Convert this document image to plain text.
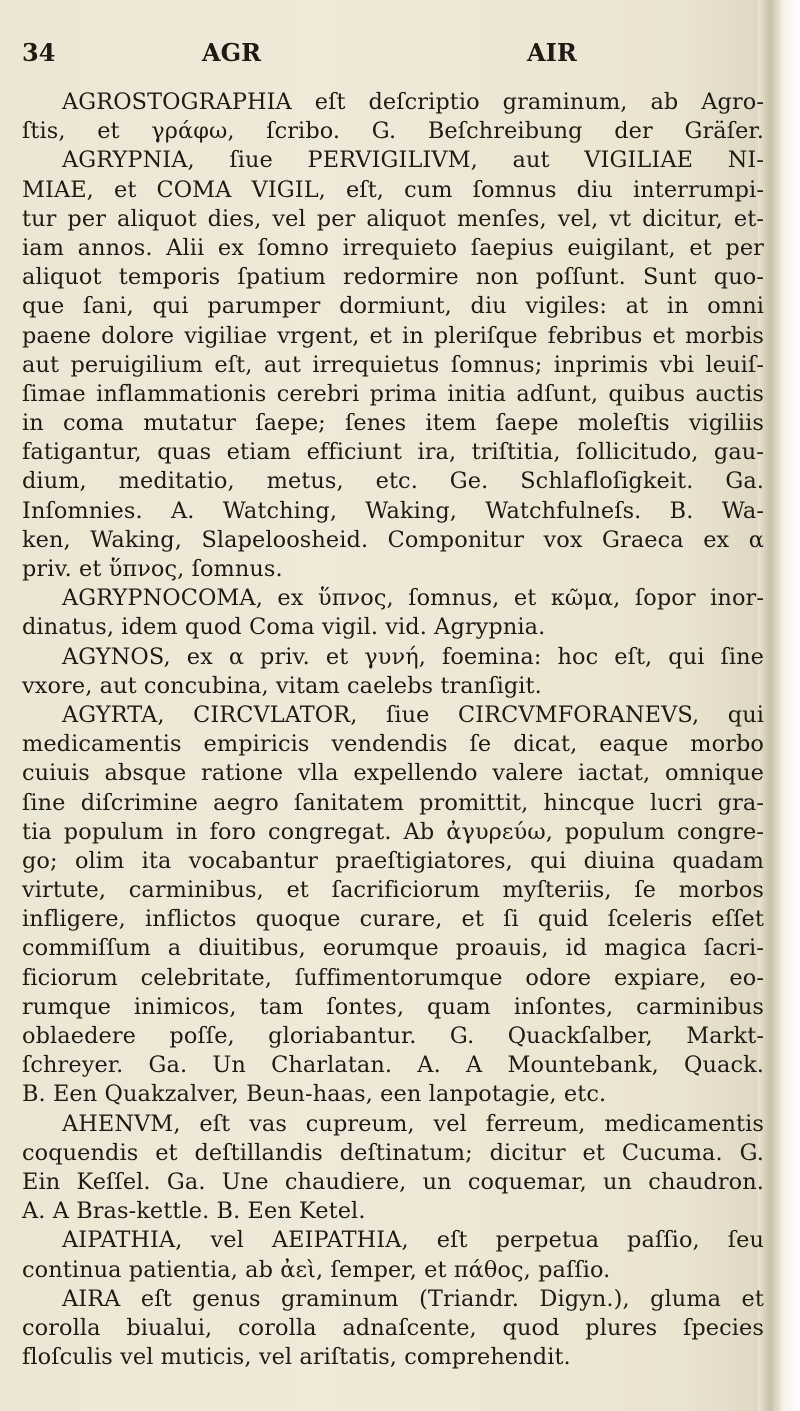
34	AGR	AIR
AGROSTOGRAPHIA eſt deſcriptio graminum, ab Agro-
ſtis, et γράφω, ſcribo. G. Beſchreibung der Gräſer.
AGRYPNIA, ſiue PERVIGILIVM, aut VIGILIAE NI-
MIAE, et COMA VIGIL, eſt, cum ſomnus diu interrumpi-
tur per aliquot dies, vel per aliquot menſes, vel, vt dicitur, et-
iam annos. Alii ex ſomno irrequieto ſaepius euigilant, et per
aliquot temporis ſpatium redormire non poſſunt. Sunt quo-
que ſani, qui parumper dormiunt, diu vigiles: at in omni
paene dolore vigiliae vrgent, et in pleriſque febribus et morbis
aut peruigilium eſt, aut irrequietus ſomnus; inprimis vbi leuiſ-
ſimae inflammationis cerebri prima initia adſunt, quibus auctis
in coma mutatur ſaepe; ſenes item ſaepe moleſtis vigiliis
fatigantur, quas etiam efficiunt ira, triſtitia, ſollicitudo, gau-
dium, meditatio, metus, etc. Ge. Schlafloſigkeit. Ga.
Inſomnies. A. Watching, Waking, Watchfulneſs. B. Wa-
ken, Waking, Slapeloosheid. Componitur vox Graeca ex α
priv. et ὕπνος, ſomnus.
AGRYPNOCOMA, ex ὕπνος, ſomnus, et κῶμα, ſopor inor-
dinatus, idem quod Coma vigil. vid. Agrypnia.
AGYNOS, ex α priv. et γυνή, foemina: hoc eſt, qui ſine
vxore, aut concubina, vitam caelebs tranſigit.
AGYRTA, CIRCVLATOR, ſiue CIRCVMFORANEVS, qui
medicamentis empiricis vendendis ſe dicat, eaque morbo
cuiuis absque ratione vlla expellendo valere iactat, omnique
ſine diſcrimine aegro ſanitatem promittit, hincque lucri gra-
tia populum in foro congregat. Ab ἀγυρεύω, populum congre-
go; olim ita vocabantur praeſtigiatores, qui diuina quadam
virtute, carminibus, et ſacrificiorum myſteriis, ſe morbos
infligere, inflictos quoque curare, et ſi quid ſceleris eſſet
commiſſum a diuitibus, eorumque proauis, id magica ſacri-
ficiorum celebritate, ſuffimentorumque odore expiare, eo-
rumque inimicos, tam ſontes, quam inſontes, carminibus
oblaedere poſſe, gloriabantur. G. Quackſalber, Markt-
ſchreyer. Ga. Un Charlatan. A. A Mountebank, Quack.
B. Een Quakzalver, Beun-haas, een lanpotagie, etc.
AHENVM, eſt vas cupreum, vel ferreum, medicamentis
coquendis et deſtillandis deſtinatum; dicitur et Cucuma. G.
Ein Keſſel. Ga. Une chaudiere, un coquemar, un chaudron.
A. A Bras-kettle. B. Een Ketel.
AIPATHIA, vel AEIPATHIA, eſt perpetua paſſio, ſeu
continua patientia, ab ἀεὶ, ſemper, et πάθος, paſſio.
AIRA eſt genus graminum (Triandr. Digyn.), gluma et
corolla biualui, corolla adnaſcente, quod plures ſpecies
floſculis vel muticis, vel ariſtatis, comprehendit.
